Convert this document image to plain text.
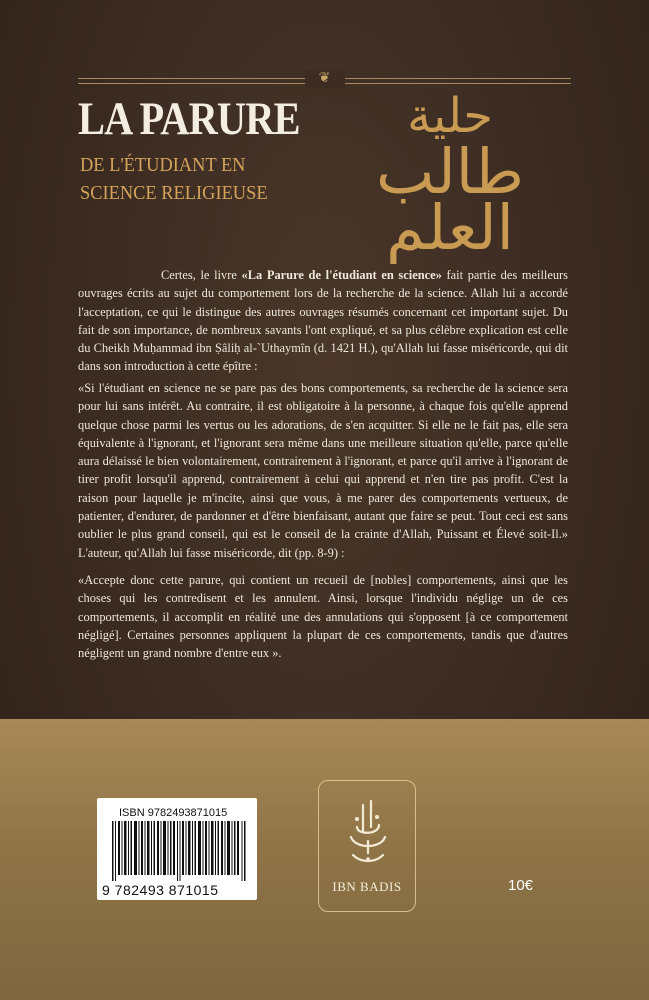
❦
LA PARURE
DE L'ÉTUDIANT EN
SCIENCE RELIGIEUSE
حلية
طالب العلم
Certes, le livre «La Parure de l'étudiant en science» fait partie des meilleurs ouvrages écrits au sujet du comportement lors de la recherche de la science. Allah lui a accordé l'acceptation, ce qui le distingue des autres ouvrages résumés concernant cet important sujet. Du fait de son importance, de nombreux savants l'ont expliqué, et sa plus célèbre explication est celle du Cheikh Muḥammad ibn Ṣâliḥ al-`Uthaymîn (d. 1421 H.), qu'Allah lui fasse miséricorde, qui dit dans son introduction à cette épître :
«Si l'étudiant en science ne se pare pas des bons comportements, sa recherche de la science sera pour lui sans intérêt. Au contraire, il est obligatoire à la personne, à chaque fois qu'elle apprend quelque chose parmi les vertus ou les adorations, de s'en acquitter. Si elle ne le fait pas, elle sera équivalente à l'ignorant, et l'ignorant sera même dans une meilleure situation qu'elle, parce qu'elle aura délaissé le bien volontairement, contrairement à l'ignorant, et parce qu'il arrive à l'ignorant de tirer profit lorsqu'il apprend, contrairement à celui qui apprend et n'en tire pas profit. C'est la raison pour laquelle je m'incite, ainsi que vous, à me parer des comportements vertueux, de patienter, d'endurer, de pardonner et d'être bienfaisant, autant que faire se peut. Tout ceci est sans oublier le plus grand conseil, qui est le conseil de la crainte d'Allah, Puissant et Élevé soit-Il.» L'auteur, qu'Allah lui fasse miséricorde, dit (pp. 8-9) :
«Accepte donc cette parure, qui contient un recueil de [nobles] comportements, ainsi que les choses qui les contredisent et les annulent. Ainsi, lorsque l'individu néglige un de ces comportements, il accomplit en réalité une des annulations qui s'opposent [à ce comportement négligé]. Certaines personnes appliquent la plupart de ces comportements, tandis que d'autres négligent un grand nombre d'entre eux ».
ISBN 9782493871015
9 782493 871015	IBN BADIS	10€
